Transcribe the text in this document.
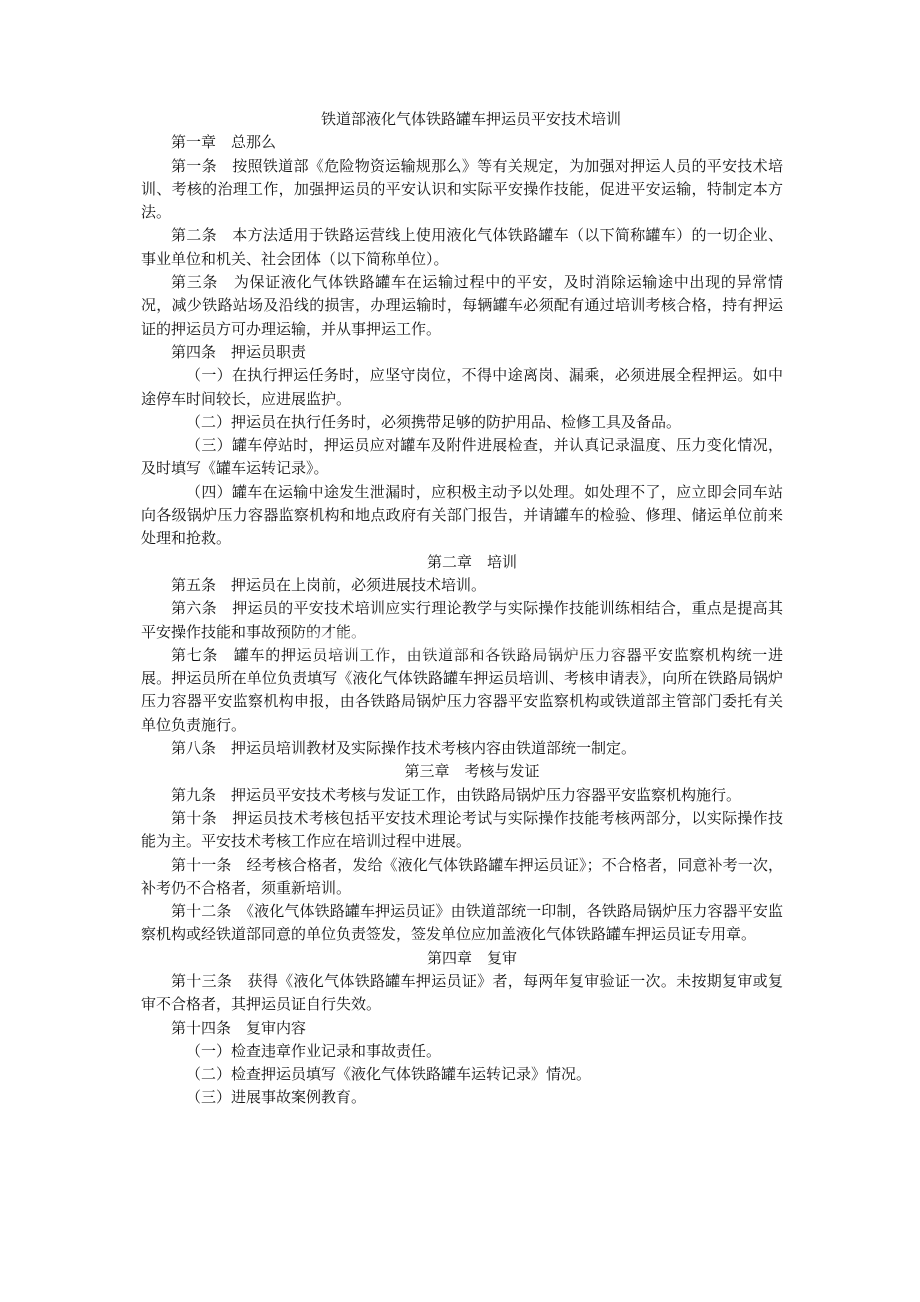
铁道部液化气体铁路罐车押运员平安技术培训

第一章　总那么

第一条　按照铁道部《危险物资运输规那么》等有关规定，为加强对押运人员的平安技术培训、考核的治理工作，加强押运员的平安认识和实际平安操作技能，促进平安运输，特制定本方法。

第二条　本方法适用于铁路运营线上使用液化气体铁路罐车（以下简称罐车）的一切企业、事业单位和机关、社会团体（以下简称单位）。

第三条　为保证液化气体铁路罐车在运输过程中的平安，及时消除运输途中出现的异常情况，减少铁路站场及沿线的损害，办理运输时，每辆罐车必须配有通过培训考核合格，持有押运证的押运员方可办理运输，并从事押运工作。

第四条　押运员职责

（一）在执行押运任务时，应坚守岗位，不得中途离岗、漏乘，必须进展全程押运。如中途停车时间较长，应进展监护。

（二）押运员在执行任务时，必须携带足够的防护用品、检修工具及备品。

（三）罐车停站时，押运员应对罐车及附件进展检查，并认真记录温度、压力变化情况，及时填写《罐车运转记录》。

（四）罐车在运输中途发生泄漏时，应积极主动予以处理。如处理不了，应立即会同车站向各级锅炉压力容器监察机构和地点政府有关部门报告，并请罐车的检验、修理、储运单位前来处理和抢救。

第二章　培训

第五条　押运员在上岗前，必须进展技术培训。

第六条　押运员的平安技术培训应实行理论教学与实际操作技能训练相结合，重点是提高其平安操作技能和事故预防的才能。

第七条　罐车的押运员培训工作，由铁道部和各铁路局锅炉压力容器平安监察机构统一进展。押运员所在单位负责填写《液化气体铁路罐车押运员培训、考核申请表》，向所在铁路局锅炉压力容器平安监察机构申报，由各铁路局锅炉压力容器平安监察机构或铁道部主管部门委托有关单位负责施行。

第八条　押运员培训教材及实际操作技术考核内容由铁道部统一制定。

第三章　考核与发证

第九条　押运员平安技术考核与发证工作，由铁路局锅炉压力容器平安监察机构施行。

第十条　押运员技术考核包括平安技术理论考试与实际操作技能考核两部分，以实际操作技能为主。平安技术考核工作应在培训过程中进展。

第十一条　经考核合格者，发给《液化气体铁路罐车押运员证》；不合格者，同意补考一次，补考仍不合格者，须重新培训。

第十二条　《液化气体铁路罐车押运员证》由铁道部统一印制，各铁路局锅炉压力容器平安监察机构或经铁道部同意的单位负责签发，签发单位应加盖液化气体铁路罐车押运员证专用章。

第四章　复审

第十三条　获得《液化气体铁路罐车押运员证》者，每两年复审验证一次。未按期复审或复审不合格者，其押运员证自行失效。

第十四条　复审内容

（一）检查违章作业记录和事故责任。

（二）检查押运员填写《液化气体铁路罐车运转记录》情况。

（三）进展事故案例教育。
